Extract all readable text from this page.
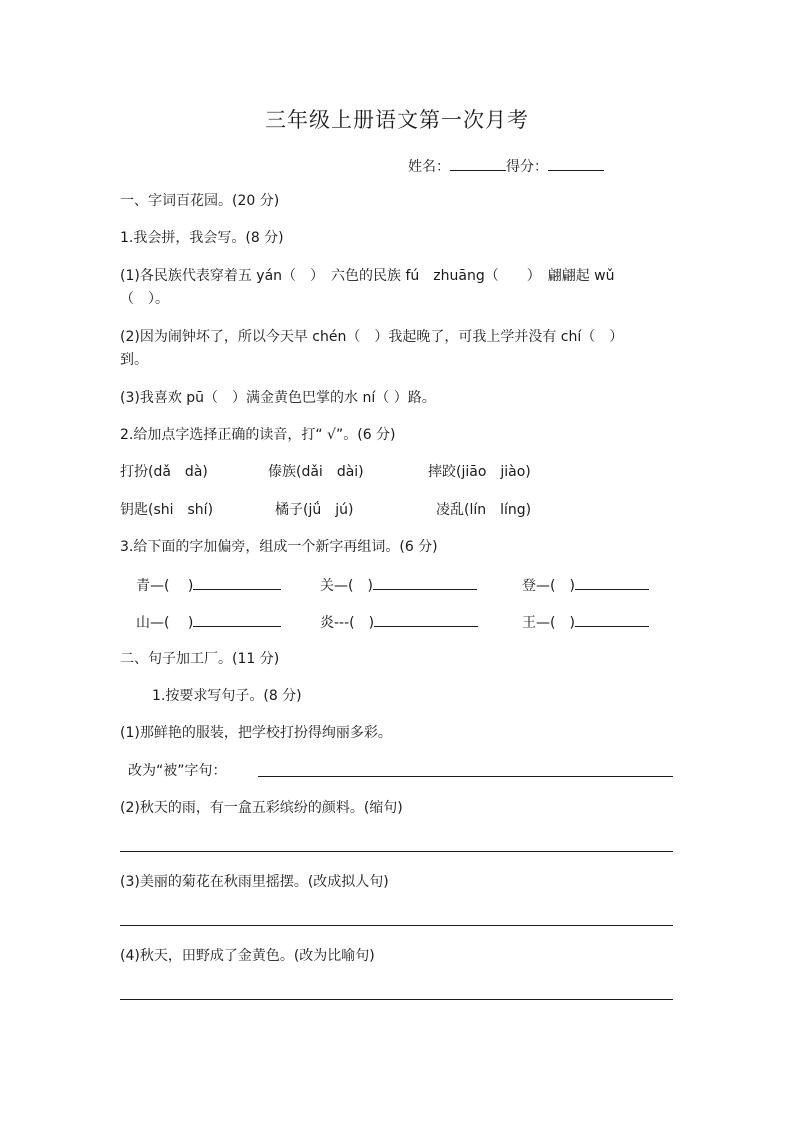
三年级上册语文第一次月考
姓名：	得分：
一、字词百花园。(20 分)
1.我会拼，我会写。(8 分)
(1)各民族代表穿着五 yán（　）　六色的民族 fú　zhuāng（　　）　翩翩起 wǔ
（　）。
(2)因为闹钟坏了，所以今天早 chén（　）我起晚了，可我上学并没有 chí（　）
到。
(3)我喜欢 pū（　）满金黄色巴掌的水 ní（ ）路。
2.给加点字选择正确的读音，打“ √”。(6 分)
打扮(dǎ　dà)	傣族(dǎi　dài)	摔跤(jiāo　jiào)
钥匙(shi　shí)	橘子(jǘ　jú)	凌乱(lín　líng)
3.给下面的字加偏旁，组成一个新字再组词。(6 分)
青—(　 )	关—(　)	登—(　)
山—(　 )	炎---(　)	王—(　)
二、句子加工厂。(11 分)
1.按要求写句子。(8 分)
(1)那鲜艳的服装，把学校打扮得绚丽多彩。
改为“被”字句：
(2)秋天的雨，有一盒五彩缤纷的颜料。(缩句)
(3)美丽的菊花在秋雨里摇摆。(改成拟人句)
(4)秋天，田野成了金黄色。(改为比喻句)
